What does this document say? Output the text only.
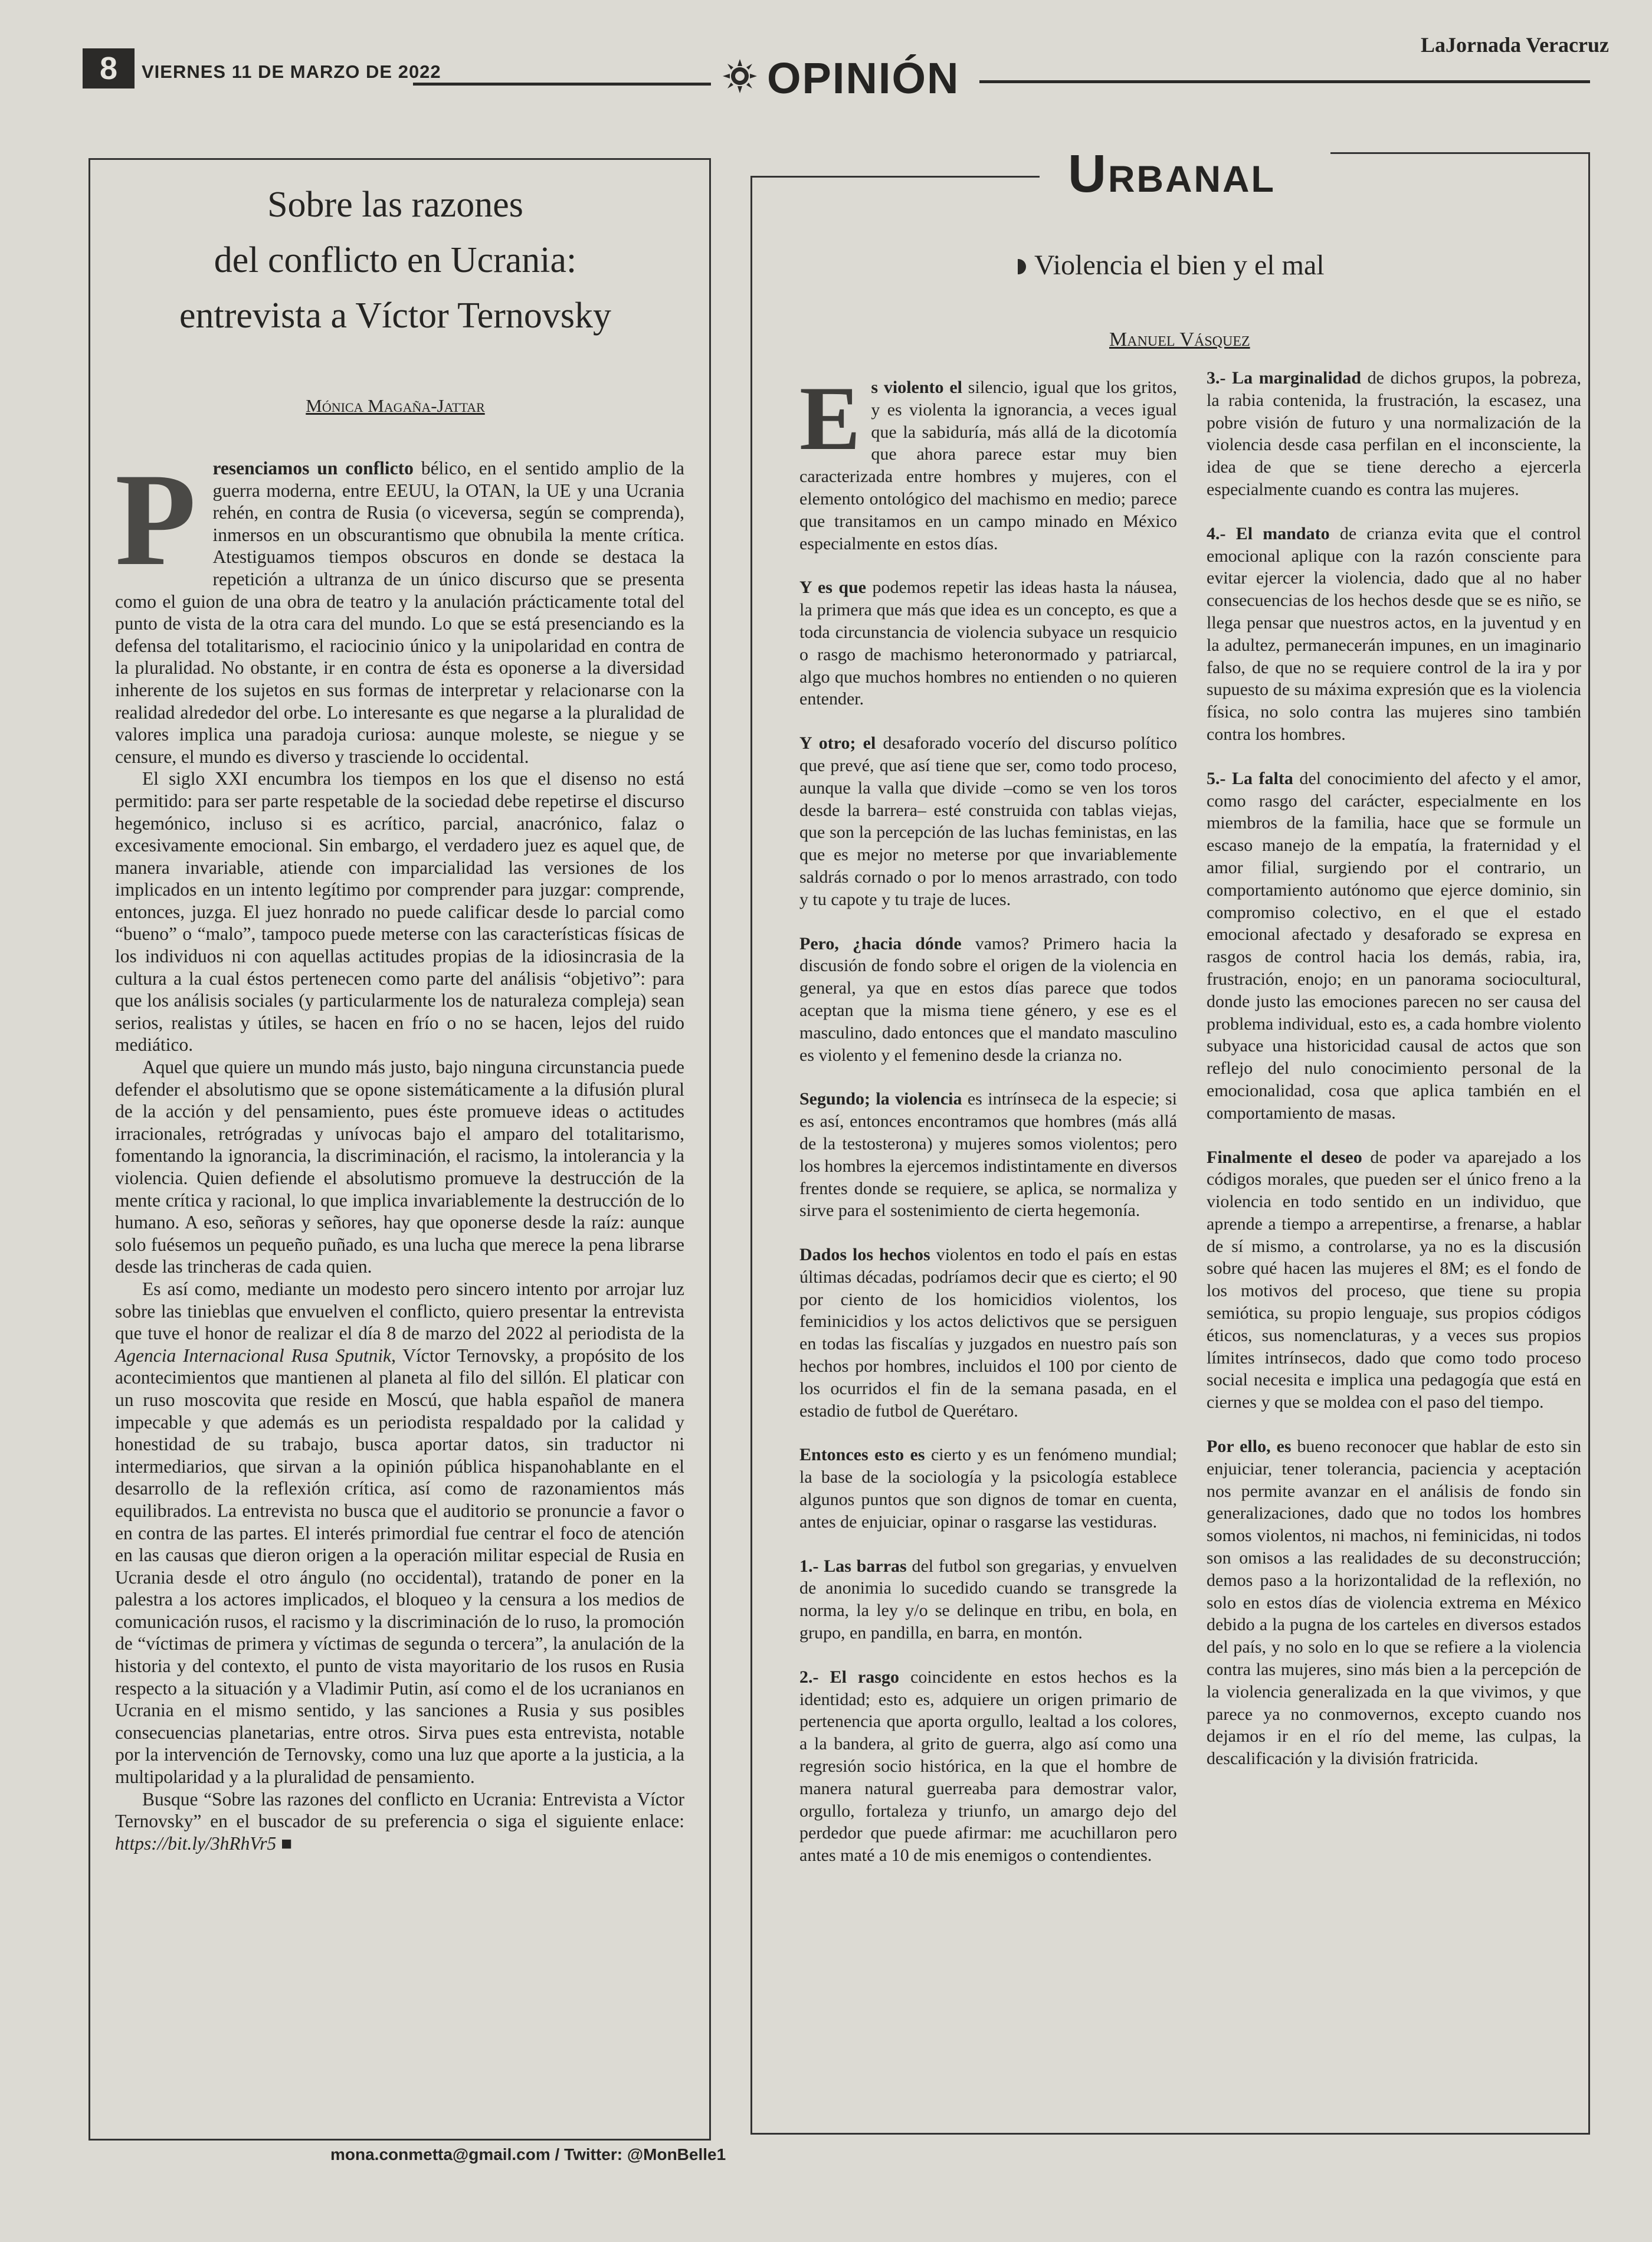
8	VIERNES 11 DE MARZO DE 2022	OPINIÓN
LaJornada Veracruz
Sobre las razones
del conflicto en Ucrania:
entrevista a Víctor Ternovsky
Mónica Magaña-Jattar

Presenciamos un conflicto bélico, en el sentido amplio de la guerra moderna, entre EEUU, la OTAN, la UE y una Ucrania rehén, en contra de Rusia (o viceversa, según se comprenda), inmersos en un obscurantismo que obnubila la mente crítica. Atestiguamos tiempos obscuros en donde se destaca la repetición a ultranza de un único discurso que se presenta como el guion de una obra de teatro y la anulación prácticamente total del punto de vista de la otra cara del mundo. Lo que se está presenciando es la defensa del totalitarismo, el raciocinio único y la unipolaridad en contra de la pluralidad. No obstante, ir en contra de ésta es oponerse a la diversidad inherente de los sujetos en sus formas de interpretar y relacionarse con la realidad alrededor del orbe. Lo interesante es que negarse a la pluralidad de valores implica una paradoja curiosa: aunque moleste, se niegue y se censure, el mundo es diverso y trasciende lo occidental.

El siglo XXI encumbra los tiempos en los que el disenso no está permitido: para ser parte respetable de la sociedad debe repetirse el discurso hegemónico, incluso si es acrítico, parcial, anacrónico, falaz o excesivamente emocional. Sin embargo, el verdadero juez es aquel que, de manera invariable, atiende con imparcialidad las versiones de los implicados en un intento legítimo por comprender para juzgar: comprende, entonces, juzga. El juez honrado no puede calificar desde lo parcial como “bueno” o “malo”, tampoco puede meterse con las características físicas de los individuos ni con aquellas actitudes propias de la idiosincrasia de la cultura a la cual éstos pertenecen como parte del análisis “objetivo”: para que los análisis sociales (y particularmente los de naturaleza compleja) sean serios, realistas y útiles, se hacen en frío o no se hacen, lejos del ruido mediático.

Aquel que quiere un mundo más justo, bajo ninguna circunstancia puede defender el absolutismo que se opone sistemáticamente a la difusión plural de la acción y del pensamiento, pues éste promueve ideas o actitudes irracionales, retrógradas y unívocas bajo el amparo del totalitarismo, fomentando la ignorancia, la discriminación, el racismo, la intolerancia y la violencia. Quien defiende el absolutismo promueve la destrucción de la mente crítica y racional, lo que implica invariablemente la destrucción de lo humano. A eso, señoras y señores, hay que oponerse desde la raíz: aunque solo fuésemos un pequeño puñado, es una lucha que merece la pena librarse desde las trincheras de cada quien.

Es así como, mediante un modesto pero sincero intento por arrojar luz sobre las tinieblas que envuelven el conflicto, quiero presentar la entrevista que tuve el honor de realizar el día 8 de marzo del 2022 al periodista de la Agencia Internacional Rusa Sputnik, Víctor Ternovsky, a propósito de los acontecimientos que mantienen al planeta al filo del sillón. El platicar con un ruso moscovita que reside en Moscú, que habla español de manera impecable y que además es un periodista respaldado por la calidad y honestidad de su trabajo, busca aportar datos, sin traductor ni intermediarios, que sirvan a la opinión pública hispanohablante en el desarrollo de la reflexión crítica, así como de razonamientos más equilibrados. La entrevista no busca que el auditorio se pronuncie a favor o en contra de las partes. El interés primordial fue centrar el foco de atención en las causas que dieron origen a la operación militar especial de Rusia en Ucrania desde el otro ángulo (no occidental), tratando de poner en la palestra a los actores implicados, el bloqueo y la censura a los medios de comunicación rusos, el racismo y la discriminación de lo ruso, la promoción de “víctimas de primera y víctimas de segunda o tercera”, la anulación de la historia y del contexto, el punto de vista mayoritario de los rusos en Rusia respecto a la situación y a Vladimir Putin, así como el de los ucranianos en Ucrania en el mismo sentido, y las sanciones a Rusia y sus posibles consecuencias planetarias, entre otros. Sirva pues esta entrevista, notable por la intervención de Ternovsky, como una luz que aporte a la justicia, a la multipolaridad y a la pluralidad de pensamiento.

Busque “Sobre las razones del conflicto en Ucrania: Entrevista a Víctor Ternovsky” en el buscador de su preferencia o siga el siguiente enlace: https://bit.ly/3hRhVr5 ■

mona.conmetta@gmail.com / Twitter: @MonBelle1
Urbanal
Violencia el bien y el mal
Manuel Vásquez

Es violento el silencio, igual que los gritos, y es violenta la ignorancia, a veces igual que la sabiduría, más allá de la dicotomía que ahora parece estar muy bien caracterizada entre hombres y mujeres, con el elemento ontológico del machismo en medio; parece que transitamos en un campo minado en México especialmente en estos días.

Y es que podemos repetir las ideas hasta la náusea, la primera que más que idea es un concepto, es que a toda circunstancia de violencia subyace un resquicio o rasgo de machismo heteronormado y patriarcal, algo que muchos hombres no entienden o no quieren entender.

Y otro; el desaforado vocerío del discurso político que prevé, que así tiene que ser, como todo proceso, aunque la valla que divide –como se ven los toros desde la barrera– esté construida con tablas viejas, que son la percepción de las luchas feministas, en las que es mejor no meterse por que invariablemente saldrás cornado o por lo menos arrastrado, con todo y tu capote y tu traje de luces.

Pero, ¿hacia dónde vamos? Primero hacia la discusión de fondo sobre el origen de la violencia en general, ya que en estos días parece que todos aceptan que la misma tiene género, y ese es el masculino, dado entonces que el mandato masculino es violento y el femenino desde la crianza no.

Segundo; la violencia es intrínseca de la especie; si es así, entonces encontramos que hombres (más allá de la testosterona) y mujeres somos violentos; pero los hombres la ejercemos indistintamente en diversos frentes donde se requiere, se aplica, se normaliza y sirve para el sostenimiento de cierta hegemonía.

Dados los hechos violentos en todo el país en estas últimas décadas, podríamos decir que es cierto; el 90 por ciento de los homicidios violentos, los feminicidios y los actos delictivos que se persiguen en todas las fiscalías y juzgados en nuestro país son hechos por hombres, incluidos el 100 por ciento de los ocurridos el fin de la semana pasada, en el estadio de futbol de Querétaro.

Entonces esto es cierto y es un fenómeno mundial; la base de la sociología y la psicología establece algunos puntos que son dignos de tomar en cuenta, antes de enjuiciar, opinar o rasgarse las vestiduras.

1.- Las barras del futbol son gregarias, y envuelven de anonimia lo sucedido cuando se transgrede la norma, la ley y/o se delinque en tribu, en bola, en grupo, en pandilla, en barra, en montón.

2.- El rasgo coincidente en estos hechos es la identidad; esto es, adquiere un origen primario de pertenencia que aporta orgullo, lealtad a los colores, a la bandera, al grito de guerra, algo así como una regresión socio histórica, en la que el hombre de manera natural guerreaba para demostrar valor, orgullo, fortaleza y triunfo, un amargo dejo del perdedor que puede afirmar: me acuchillaron pero antes maté a 10 de mis enemigos o contendientes.

3.- La marginalidad de dichos grupos, la pobreza, la rabia contenida, la frustración, la escasez, una pobre visión de futuro y una normalización de la violencia desde casa perfilan en el inconsciente, la idea de que se tiene derecho a ejercerla especialmente cuando es contra las mujeres.

4.- El mandato de crianza evita que el control emocional aplique con la razón consciente para evitar ejercer la violencia, dado que al no haber consecuencias de los hechos desde que se es niño, se llega pensar que nuestros actos, en la juventud y en la adultez, permanecerán impunes, en un imaginario falso, de que no se requiere control de la ira y por supuesto de su máxima expresión que es la violencia física, no solo contra las mujeres sino también contra los hombres.

5.- La falta del conocimiento del afecto y el amor, como rasgo del carácter, especialmente en los miembros de la familia, hace que se formule un escaso manejo de la empatía, la fraternidad y el amor filial, surgiendo por el contrario, un comportamiento autónomo que ejerce dominio, sin compromiso colectivo, en el que el estado emocional afectado y desaforado se expresa en rasgos de control hacia los demás, rabia, ira, frustración, enojo; en un panorama sociocultural, donde justo las emociones parecen no ser causa del problema individual, esto es, a cada hombre violento subyace una historicidad causal de actos que son reflejo del nulo conocimiento personal de la emocionalidad, cosa que aplica también en el comportamiento de masas.

Finalmente el deseo de poder va aparejado a los códigos morales, que pueden ser el único freno a la violencia en todo sentido en un individuo, que aprende a tiempo a arrepentirse, a frenarse, a hablar de sí mismo, a controlarse, ya no es la discusión sobre qué hacen las mujeres el 8M; es el fondo de los motivos del proceso, que tiene su propia semiótica, su propio lenguaje, sus propios códigos éticos, sus nomenclaturas, y a veces sus propios límites intrínsecos, dado que como todo proceso social necesita e implica una pedagogía que está en ciernes y que se moldea con el paso del tiempo.

Por ello, es bueno reconocer que hablar de esto sin enjuiciar, tener tolerancia, paciencia y aceptación nos permite avanzar en el análisis de fondo sin generalizaciones, dado que no todos los hombres somos violentos, ni machos, ni feminicidas, ni todos son omisos a las realidades de su deconstrucción; demos paso a la horizontalidad de la reflexión, no solo en estos días de violencia extrema en México debido a la pugna de los carteles en diversos estados del país, y no solo en lo que se refiere a la violencia contra las mujeres, sino más bien a la percepción de la violencia generalizada en la que vivimos, y que parece ya no conmovernos, excepto cuando nos dejamos ir en el río del meme, las culpas, la descalificación y la división fratricida.
